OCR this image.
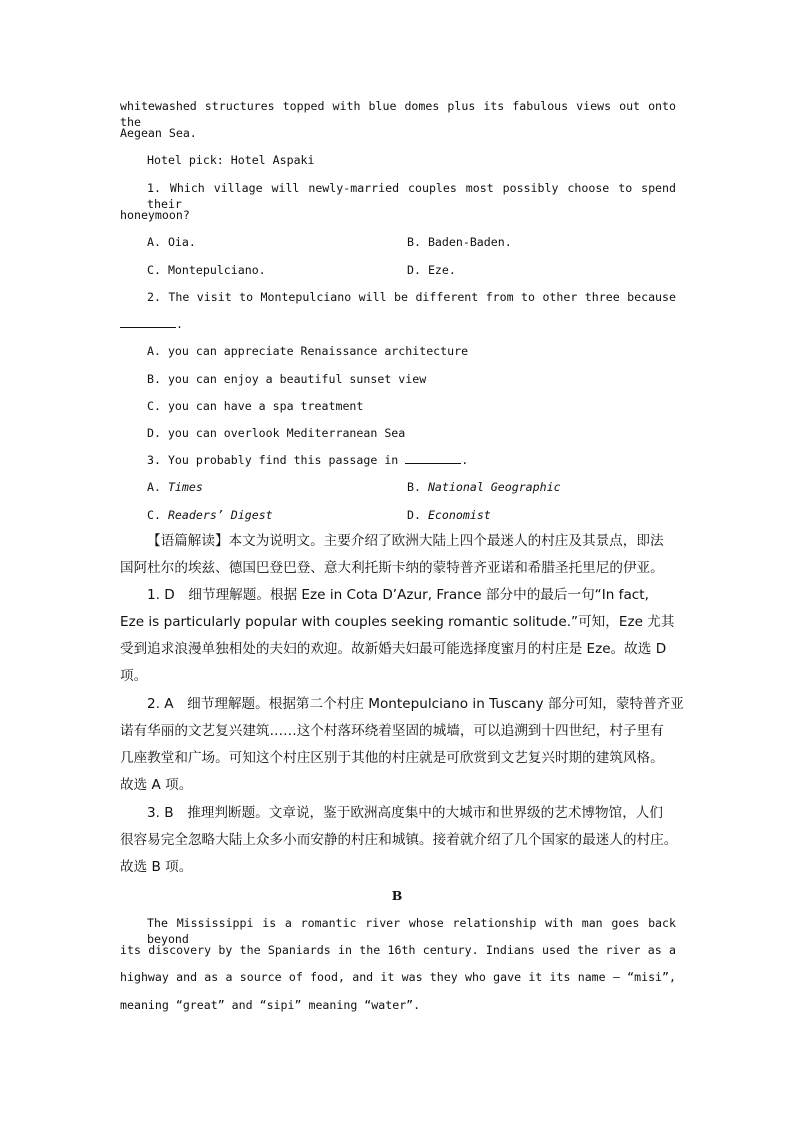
whitewashed structures topped with blue domes plus its fabulous views out onto the
Aegean Sea.
Hotel pick: Hotel Aspaki
1. Which village will newly-married couples most possibly choose to spend their
honeymoon?
A. Oia.	B. Baden-Baden.
C. Montepulciano.	D. Eze.
2. The visit to Montepulciano will be different from to other three because
.
A. you can appreciate Renaissance architecture
B. you can enjoy a beautiful sunset view
C. you can have a spa treatment
D. you can overlook Mediterranean Sea
3. You probably find this passage in	.
A. Times	B. National Geographic
C. Readers’ Digest	D. Economist
【语篇解读】本文为说明文。主要介绍了欧洲大陆上四个最迷人的村庄及其景点，即法
国阿杜尔的埃兹、德国巴登巴登、意大利托斯卡纳的蒙特普齐亚诺和希腊圣托里尼的伊亚。
1. D　细节理解题。根据 Eze in Cota D’Azur, France 部分中的最后一句“In fact,
Eze is particularly popular with couples seeking romantic solitude.”可知，Eze 尤其
受到追求浪漫单独相处的夫妇的欢迎。故新婚夫妇最可能选择度蜜月的村庄是 Eze。故选 D
项。
2. A　细节理解题。根据第二个村庄 Montepulciano in Tuscany 部分可知，蒙特普齐亚
诺有华丽的文艺复兴建筑……这个村落环绕着坚固的城墙，可以追溯到十四世纪，村子里有
几座教堂和广场。可知这个村庄区别于其他的村庄就是可欣赏到文艺复兴时期的建筑风格。
故选 A 项。
3. B　推理判断题。文章说，鉴于欧洲高度集中的大城市和世界级的艺术博物馆，人们
很容易完全忽略大陆上众多小而安静的村庄和城镇。接着就介绍了几个国家的最迷人的村庄。
故选 B 项。
B
The Mississippi is a romantic river whose relationship with man goes back beyond
its discovery by the Spaniards in the 16th century. Indians used the river as a
highway and as a source of food, and it was they who gave it its name — “misi”,
meaning “great” and “sipi” meaning “water”.
